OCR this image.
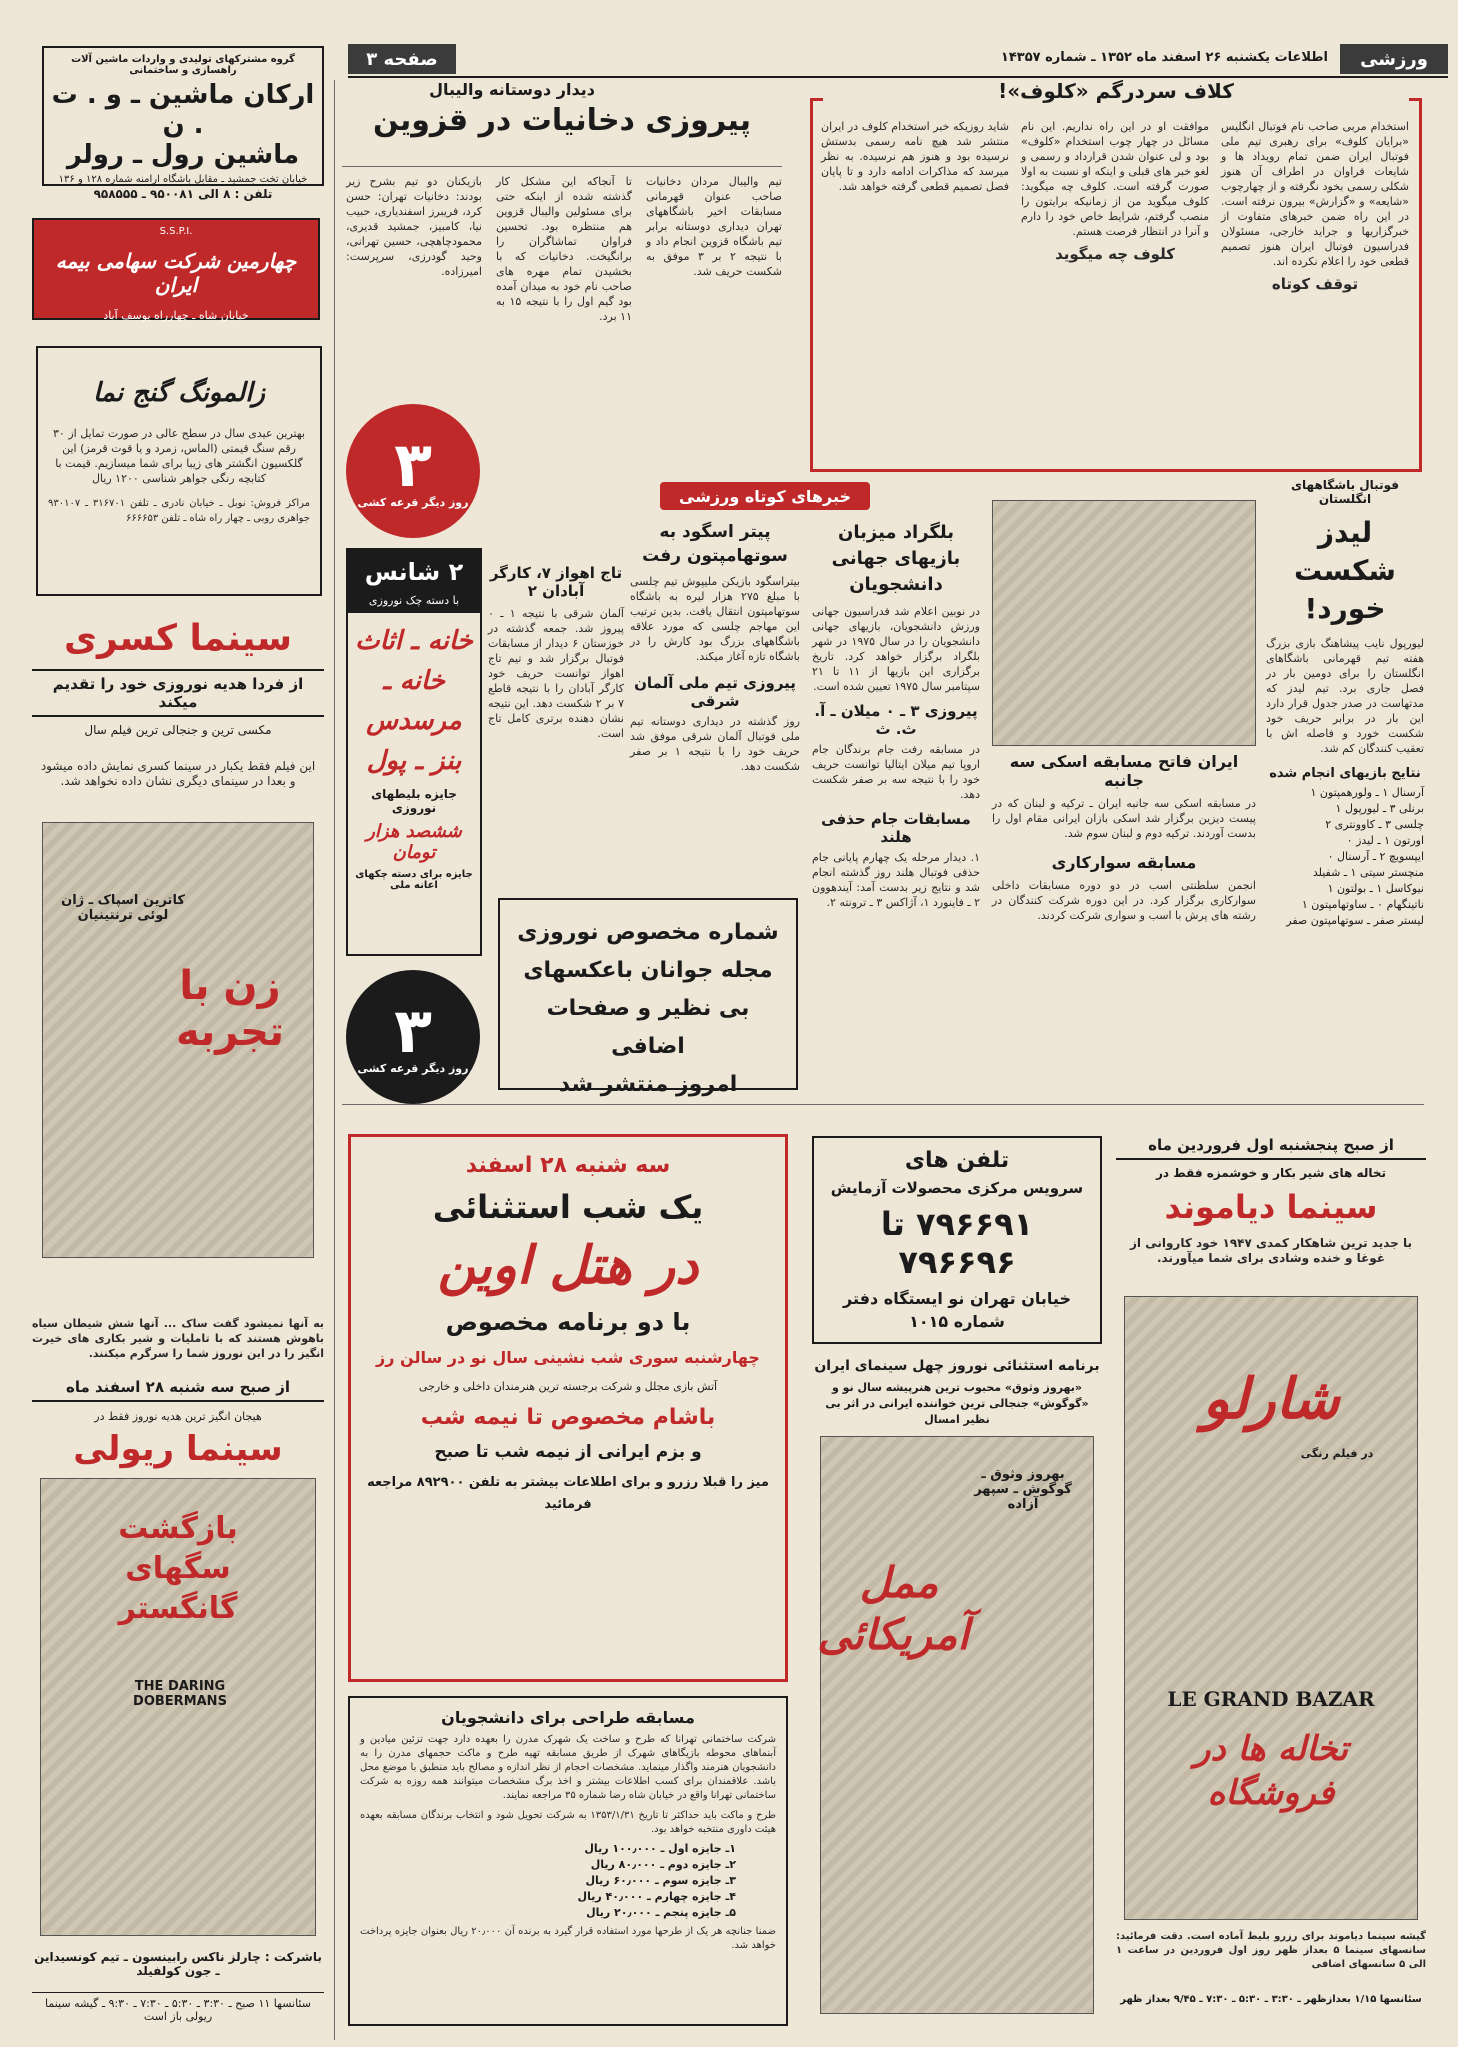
ورزشی
اطلاعات یکشنبه ۲۶ اسفند ماه ۱۳۵۲ ـ شماره ۱۴۳۵۷
صفحه ۳
گروه مشترکهای تولیدی و واردات ماشین آلات راهسازی و ساختمانی
ارکان ماشین ـ و . ت . ن
ماشین رول ـ رولر
خیابان تخت جمشید ـ مقابل باشگاه ارامنه شماره ۱۲۸ و ۱۳۶
تلفن : ۸ الی ۹۵۰۰۸۱ ـ ۹۵۸۵۵۵
S.S.P.I.
چهارمین شرکت سهامی بیمه ایران
خیابان شاه ـ چهارراه یوسف آباد
زالمونگ گنج نما
بهترین عیدی سال در سطح عالی در صورت تمایل از ۳۰ رقم سنگ قیمتی (الماس، زمرد و یا قوت قرمز) این گلکسیون انگشتر های زیبا برای شما میسازیم. قیمت با کتابچه رنگی جواهر شناسی ۱۲۰۰ ریال
مراکز فروش: نوبل ـ خیابان نادری ـ تلفن ۳۱۶۷۰۱ ـ ۹۳۰۱۰۷ جواهری روبی ـ چهار راه شاه ـ تلفن ۶۶۶۶۵۳
سینما کسری
از فردا هدیه نوروزی خود را تقدیم میکند
مکسی ترین و جنجالی ترین فیلم سال
این فیلم فقط یکبار در سینما کسری نمایش داده میشود و بعدا در سینمای دیگری نشان داده نخواهد شد.
کاترین اسپاک ـ ژان لوئی ترنتینیان
زن با تجربه
به آنها نمیشود گفت ساک ... آنها شش شیطان سیاه باهوش هستند که با تاملیات و شیر بکاری های خیرت انگیز را در این نوروز شما را سرگرم میکنند.
از صبح سه شنبه ۲۸ اسفند ماه
هیجان انگیز ترین هدیه نوروز فقط در
سینما ریولی
بازگشت سگهای گانگستر
THE DARING DOBERMANS
باشرکت : چارلز ناکس رابینسون ـ تیم کونسیداین ـ جون کولفیلد
سئانسها ۱۱ صبح ـ ۳:۳۰ ـ ۵:۳۰ ـ ۷:۳۰ ـ ۹:۳۰ ـ گیشه سینما ریولی باز است
دیدار دوستانه والیبال
پیروزی دخانیات در قزوین
تیم والیبال مردان دخانیات صاحب عنوان قهرمانی مسابقات اخیر باشگاههای تهران دیداری دوستانه برابر تیم باشگاه قزوین انجام داد و با نتیجه ۲ بر ۳ موفق به شکست حریف شد.
تا آنجاکه این مشکل کار گذشته شده از اینکه حتی برای مسئولین والیبال قزوین هم منتظره بود. تحسین فراوان تماشاگران را برانگیخت. دخانیات که با بخشیدن تمام مهره های صاحب نام خود به میدان آمده بود گیم اول را با نتیجه ۱۵ به ۱۱ برد.
بازیکنان دو تیم بشرح زیر بودند: دخانیات تهران: حسن کرد، فریبرز اسفندیاری، حبیب نیا، کامبیز، جمشید قدیری، محمودچاهچی، حسین تهرانی، وحید گودرزی، سرپرست: امیرزاده.
۳
روز دیگر قرعه کشی
کلاف سردرگم «کلوف»!
استخدام مربی صاحب نام فوتبال انگلیس «برایان کلوف» برای رهبری تیم ملی فوتبال ایران ضمن تمام رویداد ها و شایعات فراوان در اطراف آن هنوز شکلی رسمی بخود نگرفته و از چهارچوب «شایعه» و «گزارش» بیرون نرفته است. در این راه ضمن خبرهای متفاوت از خبرگزاریها و جراید خارجی، مسئولان فدراسیون فوتبال ایران هنوز تصمیم قطعی خود را اعلام نکرده اند.
توقف کوتاه
موافقت او در این راه نداریم. این نام مسائل در چهار چوب استخدام «کلوف» بود و لی عنوان شدن قرارداد و رسمی و لغو خبر های قبلی و اینکه او نسبت به اولا صورت گرفته است. کلوف چه میگوید: کلوف میگوید من از زمانیکه برایتون را منصب گرفتم، شرایط خاص خود را دارم و آنرا در انتظار فرصت هستم.
کلوف چه میگوید
شاید روزیکه خبر استخدام کلوف در ایران منتشر شد هیچ نامه رسمی بدستش نرسیده بود و هنوز هم نرسیده. به نظر میرسد که مذاکرات ادامه دارد و تا پایان فصل تصمیم قطعی گرفته خواهد شد.
خبرهای کوتاه ورزشی
بلگراد میزبان بازیهای جهانی دانشجویان
در نوبین اعلام شد فدراسیون جهانی ورزش دانشجویان، بازیهای جهانی دانشجویان را در سال ۱۹۷۵ در شهر بلگراد برگزار خواهد کرد. تاریخ برگزاری این بازیها از ۱۱ تا ۲۱ سپتامبر سال ۱۹۷۵ تعیین شده است.
پیروزی ۳ ـ ۰ میلان ـ آ. ث. ث
در مسابقه رفت جام برندگان جام اروپا تیم میلان ایتالیا توانست حریف خود را با نتیجه سه بر صفر شکست دهد.
مسابقات جام حذفی هلند
۱. دیدار مرحله یک چهارم پایانی جام حذفی فوتبال هلند روز گذشته انجام شد و نتایج زیر بدست آمد: آیندهوون ۲ ـ فاینورد ۱، آژاکس ۳ ـ ترونته ۲.
پیتر اسگود به سوتهامپتون رفت
بیتراسگود بازیکن ملیپوش تیم چلسی با مبلغ ۲۷۵ هزار لیره به باشگاه سوتهامپتون انتقال یافت. بدین ترتیب این مهاجم چلسی که مورد علاقه باشگاههای بزرگ بود کارش را در باشگاه تازه آغاز میکند.
پیروزی تیم ملی آلمان شرقی
روز گذشته در دیداری دوستانه تیم ملی فوتبال آلمان شرقی موفق شد حریف خود را با نتیجه ۱ بر صفر شکست دهد.
تاج اهواز ۷، کارگر آبادان ۲
آلمان شرقی با نتیجه ۱ ـ ۰ پیروز شد. جمعه گذشته در خوزستان ۶ دیدار از مسابقات فوتبال برگزار شد و تیم تاج اهواز توانست حریف خود کارگر آبادان را با نتیجه قاطع ۷ بر ۲ شکست دهد. این نتیجه نشان دهنده برتری کامل تاج است.
۲ شانس
با دسته چک نوروزی
خانه ـ اثاث خانه ـ مرسدس بنز ـ پول
جایزه بلیطهای نوروزی
ششصد هزار تومان
جایزه برای دسته چکهای اعانه ملی
۳
روز دیگر قرعه کشی
شماره مخصوص نوروزی
مجله جوانان باعکسهای
بی نظیر و صفحات اضافی
امروز منتشر شد
ایران فاتح مسابقه اسکی سه جانبه
در مسابقه اسکی سه جانبه ایران ـ ترکیه و لبنان که در پیست دیزین برگزار شد اسکی بازان ایرانی مقام اول را بدست آوردند. ترکیه دوم و لبنان سوم شد.
مسابقه سوارکاری
انجمن سلطنتی اسب در دو دوره مسابقات داخلی سوارکاری برگزار کرد. در این دوره شرکت کنندگان در رشته های پرش با اسب و سواری شرکت کردند.
فوتبال باشگاههای انگلستان
لیدز شکست خورد!
لیورپول نایب پیشاهنگ بازی بزرگ هفته تیم قهرمانی باشگاهای انگلستان را برای دومین بار در فصل جاری برد. تیم لیدز که مدتهاست در صدر جدول قرار دارد این بار در برابر حریف خود شکست خورد و فاصله اش با تعقیب کنندگان کم شد.
نتایج بازیهای انجام شده
آرسنال ۱ ـ ولورهمپتون ۱
برنلی ۳ ـ لیورپول ۱
چلسی ۳ ـ کاوونتری ۲
اورتون ۱ ـ لیدز ۰
ایپسویچ ۲ ـ آرسنال ۰
منچستر سیتی ۱ ـ شفیلد
نیوکاسل ۱ ـ بولتون ۱
ناتینگهام ۰ ـ ساوتهامپتون ۱
لیستر صفر ـ سوتهامپتون صفر
سه شنبه ۲۸ اسفند
یک شب استثنائی
در هتل اوین
با دو برنامه مخصوص
چهارشنبه سوری شب نشینی سال نو در سالن رز
آتش بازی مجلل و شرکت برجسته ترین هنرمندان داخلی و خارجی
باشام مخصوص تا نیمه شب
و بزم ایرانی از نیمه شب تا صبح
میز را قبلا رزرو و برای اطلاعات بیشتر به تلفن ۸۹۲۹۰۰ مراجعه فرمائید
مسابقه طراحی برای دانشجویان
شرکت ساختمانی تهرانا که طرح و ساخت یک شهرک مدرن را بعهده دارد جهت تزئین میادین و آبنماهای محوطه بازیگاهای شهرک از طریق مسابقه تهیه طرح و ماکت حجمهای مدرن را به دانشجویان هنرمند واگذار مینماید. مشخصات احجام از نظر اندازه و مصالح باید منطبق با موضع محل باشد. علاقمندان برای کسب اطلاعات بیشتر و اخذ برگ مشخصات میتوانند همه روزه به شرکت ساختمانی تهرانا واقع در خیابان شاه رضا شماره ۳۵ مراجعه نمایند.
طرح و ماکت باید حداکثر تا تاریخ ۱۳۵۳/۱/۳۱ به شرکت تحویل شود و انتخاب برندگان مسابقه بعهده هیئت داوری منتخبه خواهد بود.
۱ـ جایزه اول ـ ۱۰۰٫۰۰۰ ریال
۲ـ جایزه دوم ـ ۸۰٫۰۰۰ ریال
۳ـ جایزه سوم ـ ۶۰٫۰۰۰ ریال
۴ـ جایزه چهارم ـ ۴۰٫۰۰۰ ریال
۵ـ جایزه پنجم ـ ۲۰٫۰۰۰ ریال
ضمنا جنانچه هر یک از طرحها مورد استفاده قرار گیرد به برنده آن ۲۰٫۰۰۰ ریال بعنوان جایزه پرداخت خواهد شد.
تلفن های
سرویس مرکزی محصولات آزمایش
۷۹۶۶۹۱ تا ۷۹۶۶۹۶
خیابان تهران نو ایستگاه دفتر
شماره ۱۰۱۵
برنامه استثنائی نوروز چهل سینمای ایران
«بهروز وثوق» محبوب ترین هنرپیشه سال نو و «گوگوش» جنجالی ترین خواننده ایرانی در اثر بی نظیر امسال
ممل آمریکائی
بهروز وثوق ـ گوگوش ـ سپهر آزاده
از صبح پنجشنبه اول فروردین ماه
تخاله های شیر بکار و خوشمزه فقط در
سینما دیاموند
با جدید ترین شاهکار کمدی ۱۹۴۷ خود کاروانی از غوغا و خنده وشادی برای شما میآورند.
شارلو
در فیلم رنگی
LE GRAND BAZAR
تخاله ها در فروشگاه
گیشه سینما دیاموند برای رزرو بلیط آماده است. دقت فرمائید: سانسهای سینما ۵ بعداز ظهر روز اول فروردین در ساعت ۱ الی ۵ سانسهای اضافی
سئانسها ۱/۱۵ بعدازظهر ـ ۳:۳۰ ـ ۵:۳۰ ـ ۷:۳۰ ـ ۹/۴۵ بعداز ظهر
